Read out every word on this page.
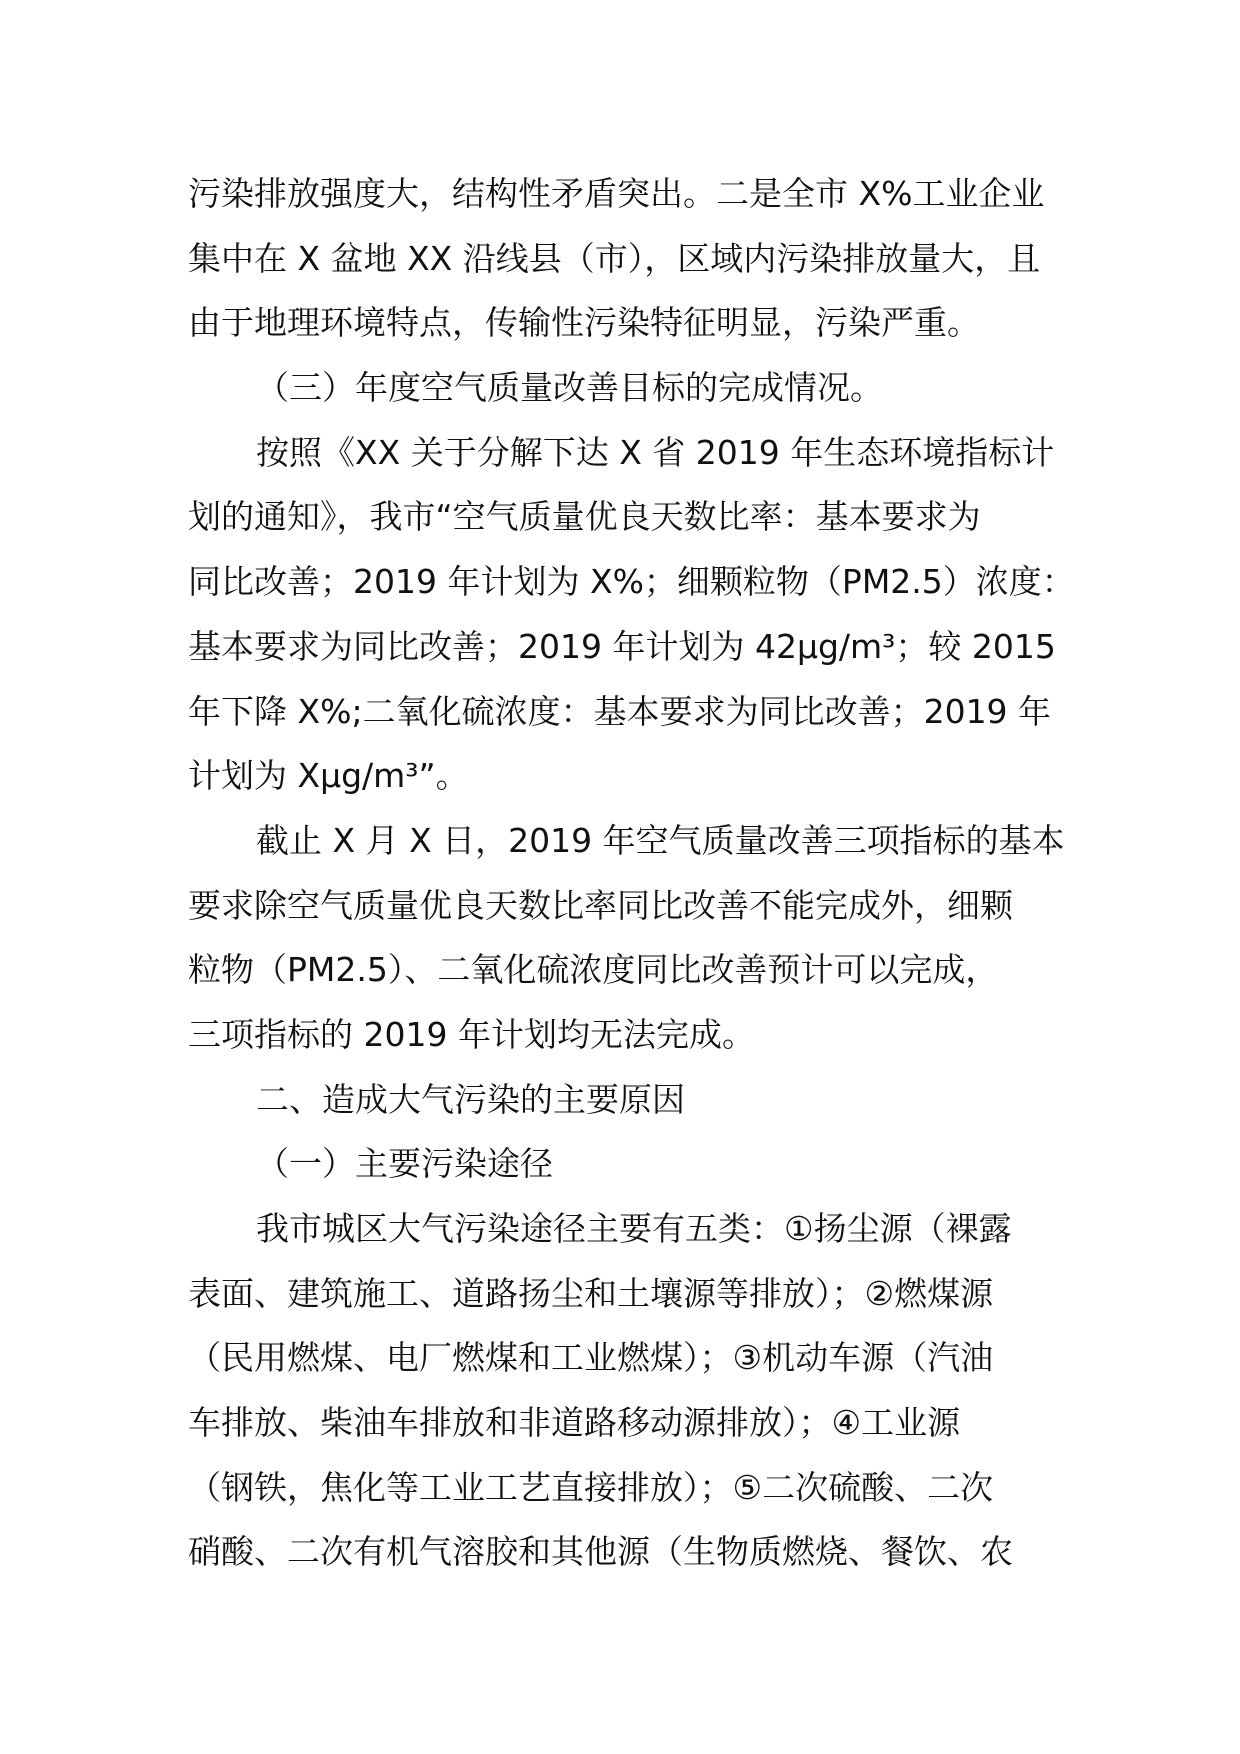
污染排放强度大，结构性矛盾突出。二是全市 X%工业企业
集中在 X 盆地 XX 沿线县（市），区域内污染排放量大，且
由于地理环境特点，传输性污染特征明显，污染严重。
（三）年度空气质量改善目标的完成情况。
按照《XX 关于分解下达 X 省 2019 年生态环境指标计
划的通知》，我市“空气质量优良天数比率：基本要求为
同比改善；2019 年计划为 X%；细颗粒物（PM2.5）浓度：
基本要求为同比改善；2019 年计划为 42μg/m³；较 2015
年下降 X%;二氧化硫浓度：基本要求为同比改善；2019 年
计划为 Xμg/m³”。
截止 X 月 X 日，2019 年空气质量改善三项指标的基本
要求除空气质量优良天数比率同比改善不能完成外，细颗
粒物（PM2.5）、二氧化硫浓度同比改善预计可以完成，
三项指标的 2019 年计划均无法完成。
二、造成大气污染的主要原因
（一）主要污染途径
我市城区大气污染途径主要有五类：①扬尘源（裸露
表面、建筑施工、道路扬尘和土壤源等排放）；②燃煤源
（民用燃煤、电厂燃煤和工业燃煤）；③机动车源（汽油
车排放、柴油车排放和非道路移动源排放）；④工业源
（钢铁，焦化等工业工艺直接排放）；⑤二次硫酸、二次
硝酸、二次有机气溶胶和其他源（生物质燃烧、餐饮、农
